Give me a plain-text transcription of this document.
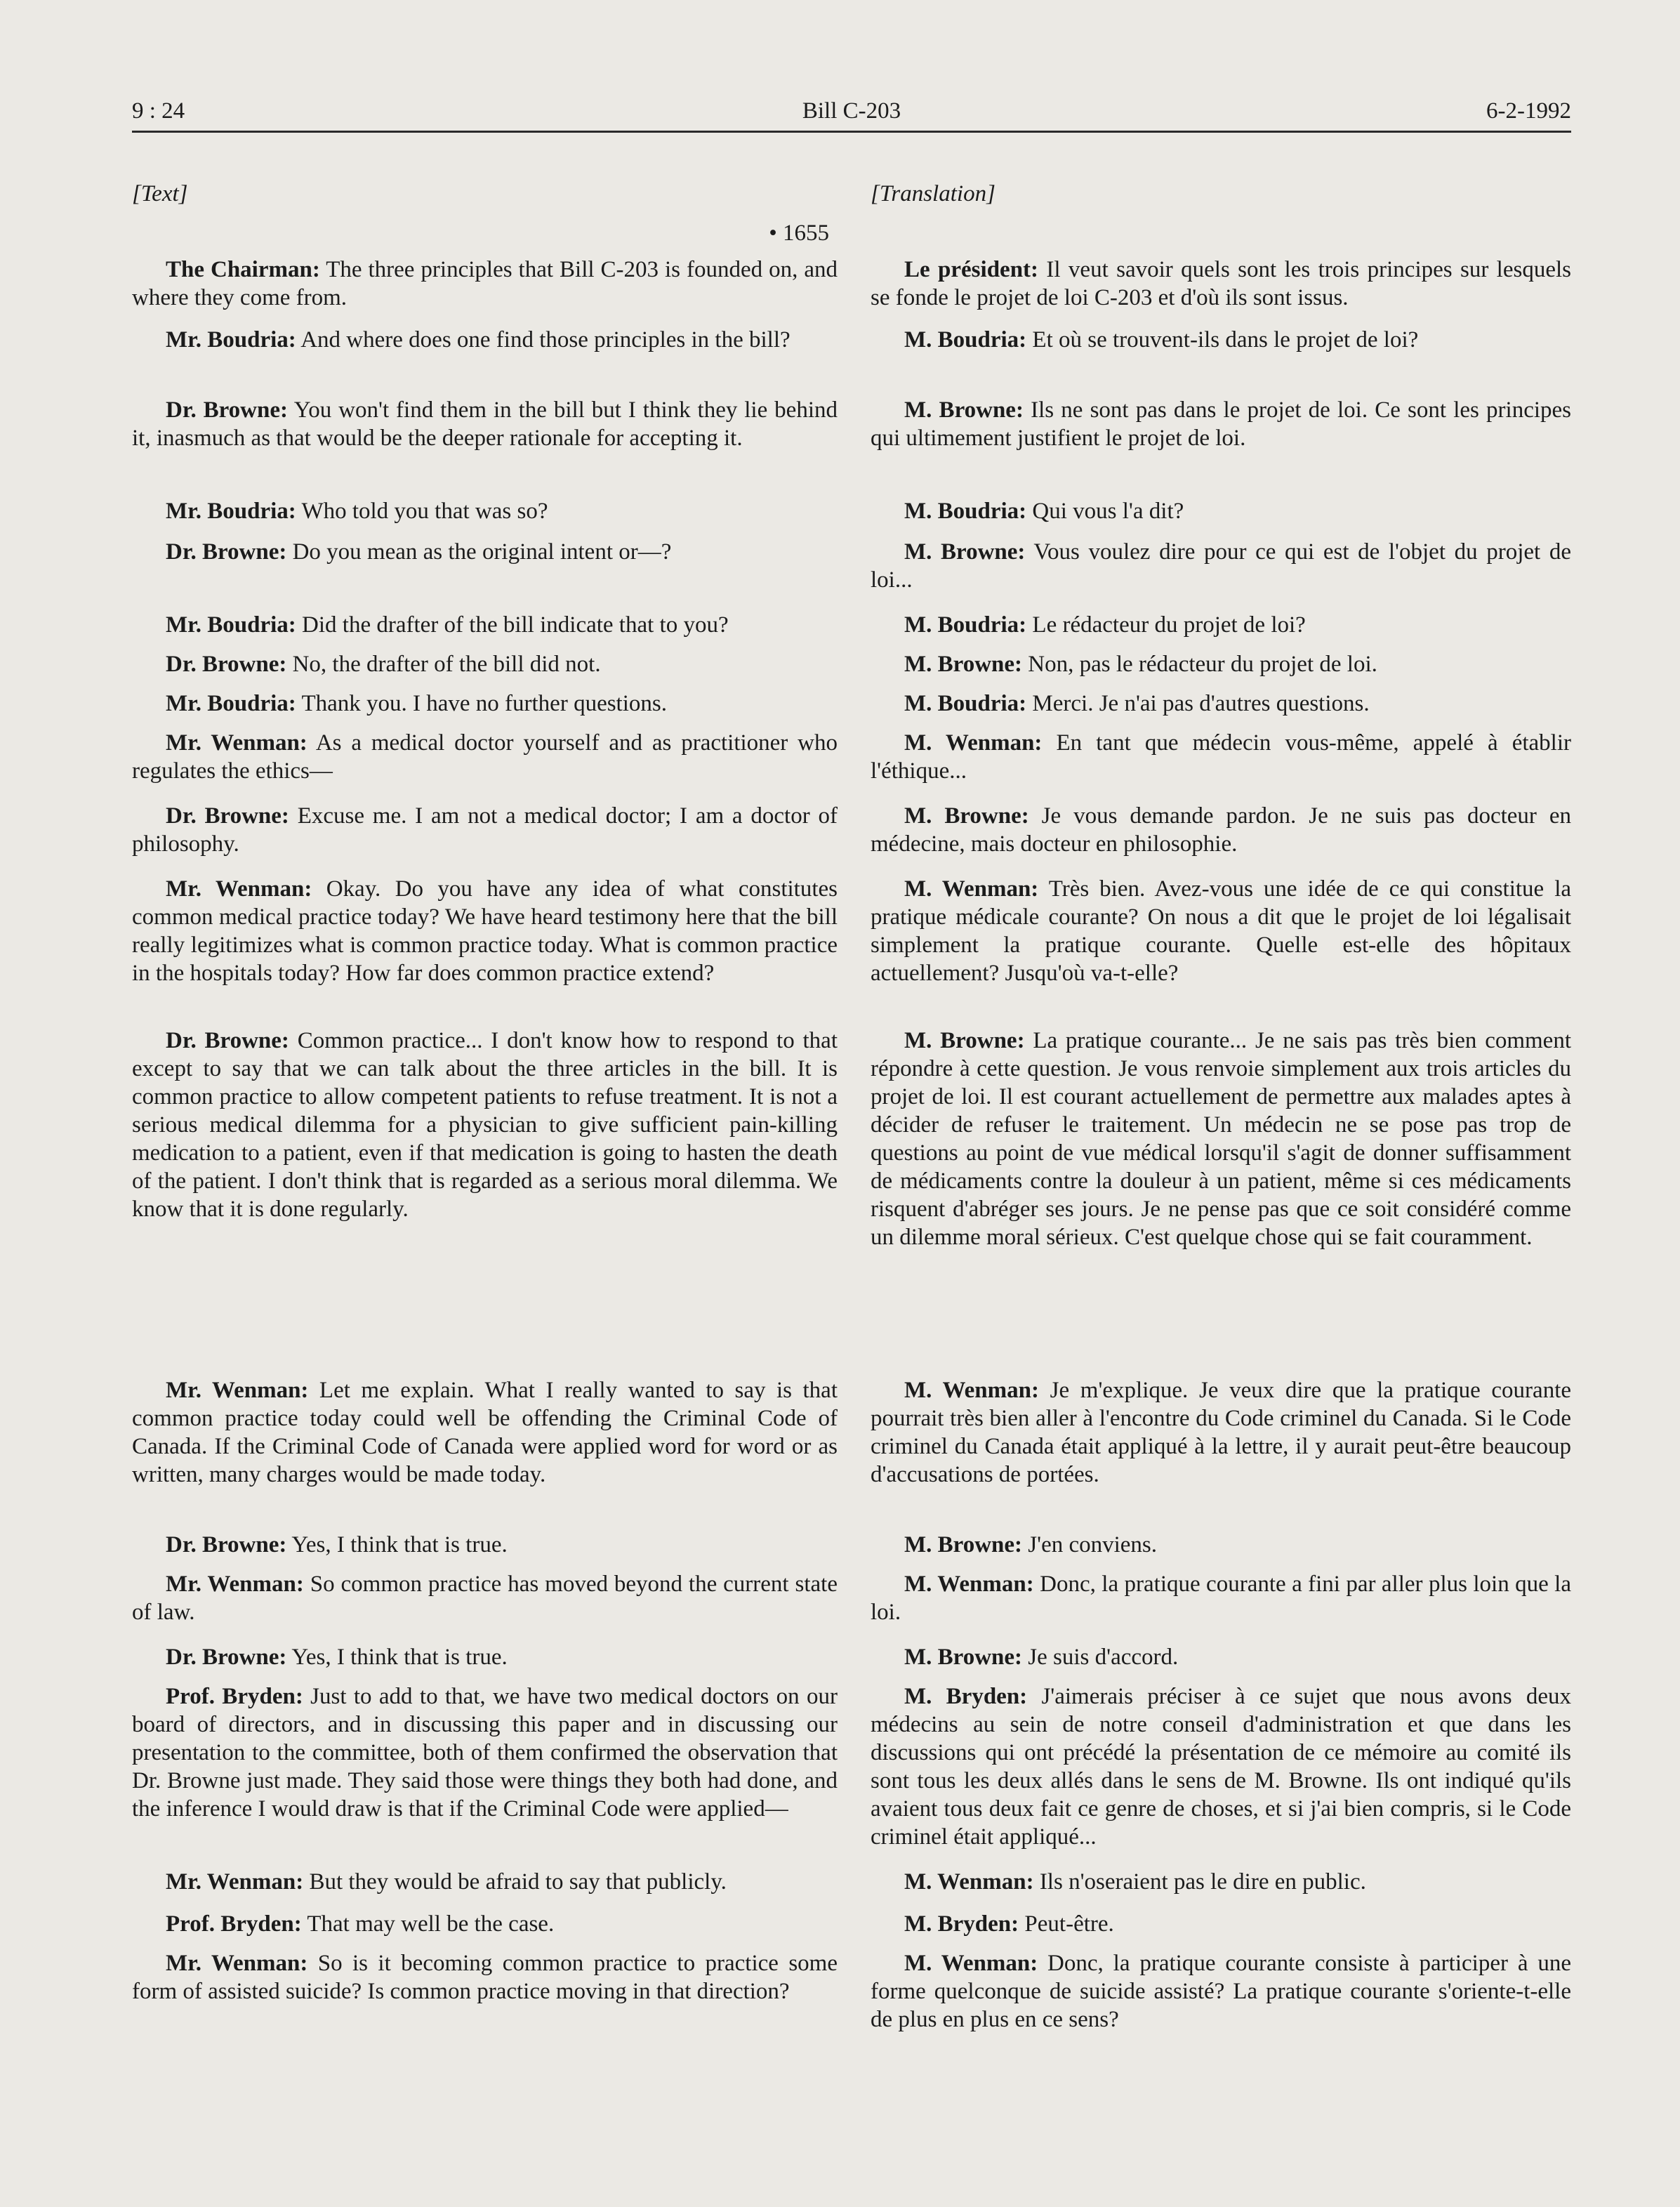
9 : 24	Bill C-203	6-2-1992
[Text]
• 1655

The Chairman: The three principles that Bill C-203 is founded on, and where they come from.

Mr. Boudria: And where does one find those principles in the bill?

Dr. Browne: You won't find them in the bill but I think they lie behind it, inasmuch as that would be the deeper rationale for accepting it.

Mr. Boudria: Who told you that was so?

Dr. Browne: Do you mean as the original intent or—?

Mr. Boudria: Did the drafter of the bill indicate that to you?

Dr. Browne: No, the drafter of the bill did not.

Mr. Boudria: Thank you. I have no further questions.

Mr. Wenman: As a medical doctor yourself and as practitioner who regulates the ethics—

Dr. Browne: Excuse me. I am not a medical doctor; I am a doctor of philosophy.

Mr. Wenman: Okay. Do you have any idea of what constitutes common medical practice today? We have heard testimony here that the bill really legitimizes what is common practice today. What is common practice in the hospitals today? How far does common practice extend?

Dr. Browne: Common practice... I don't know how to respond to that except to say that we can talk about the three articles in the bill. It is common practice to allow competent patients to refuse treatment. It is not a serious medical dilemma for a physician to give sufficient pain-killing medication to a patient, even if that medication is going to hasten the death of the patient. I don't think that is regarded as a serious moral dilemma. We know that it is done regularly.

Mr. Wenman: Let me explain. What I really wanted to say is that common practice today could well be offending the Criminal Code of Canada. If the Criminal Code of Canada were applied word for word or as written, many charges would be made today.

Dr. Browne: Yes, I think that is true.

Mr. Wenman: So common practice has moved beyond the current state of law.

Dr. Browne: Yes, I think that is true.

Prof. Bryden: Just to add to that, we have two medical doctors on our board of directors, and in discussing this paper and in discussing our presentation to the committee, both of them confirmed the observation that Dr. Browne just made. They said those were things they both had done, and the inference I would draw is that if the Criminal Code were applied—

Mr. Wenman: But they would be afraid to say that publicly.

Prof. Bryden: That may well be the case.

Mr. Wenman: So is it becoming common practice to practice some form of assisted suicide? Is common practice moving in that direction?

[Translation]

Le président: Il veut savoir quels sont les trois principes sur lesquels se fonde le projet de loi C-203 et d'où ils sont issus.

M. Boudria: Et où se trouvent-ils dans le projet de loi?

M. Browne: Ils ne sont pas dans le projet de loi. Ce sont les principes qui ultimement justifient le projet de loi.

M. Boudria: Qui vous l'a dit?

M. Browne: Vous voulez dire pour ce qui est de l'objet du projet de loi...

M. Boudria: Le rédacteur du projet de loi?

M. Browne: Non, pas le rédacteur du projet de loi.

M. Boudria: Merci. Je n'ai pas d'autres questions.

M. Wenman: En tant que médecin vous-même, appelé à établir l'éthique...

M. Browne: Je vous demande pardon. Je ne suis pas docteur en médecine, mais docteur en philosophie.

M. Wenman: Très bien. Avez-vous une idée de ce qui constitue la pratique médicale courante? On nous a dit que le projet de loi légalisait simplement la pratique courante. Quelle est-elle des hôpitaux actuellement? Jusqu'où va-t-elle?

M. Browne: La pratique courante... Je ne sais pas très bien comment répondre à cette question. Je vous renvoie simplement aux trois articles du projet de loi. Il est courant actuellement de permettre aux malades aptes à décider de refuser le traitement. Un médecin ne se pose pas trop de questions au point de vue médical lorsqu'il s'agit de donner suffisamment de médicaments contre la douleur à un patient, même si ces médicaments risquent d'abréger ses jours. Je ne pense pas que ce soit considéré comme un dilemme moral sérieux. C'est quelque chose qui se fait couramment.

M. Wenman: Je m'explique. Je veux dire que la pratique courante pourrait très bien aller à l'encontre du Code criminel du Canada. Si le Code criminel du Canada était appliqué à la lettre, il y aurait peut-être beaucoup d'accusations de portées.

M. Browne: J'en conviens.

M. Wenman: Donc, la pratique courante a fini par aller plus loin que la loi.

M. Browne: Je suis d'accord.

M. Bryden: J'aimerais préciser à ce sujet que nous avons deux médecins au sein de notre conseil d'administration et que dans les discussions qui ont précédé la présentation de ce mémoire au comité ils sont tous les deux allés dans le sens de M. Browne. Ils ont indiqué qu'ils avaient tous deux fait ce genre de choses, et si j'ai bien compris, si le Code criminel était appliqué...

M. Wenman: Ils n'oseraient pas le dire en public.

M. Bryden: Peut-être.

M. Wenman: Donc, la pratique courante consiste à participer à une forme quelconque de suicide assisté? La pratique courante s'oriente-t-elle de plus en plus en ce sens?
